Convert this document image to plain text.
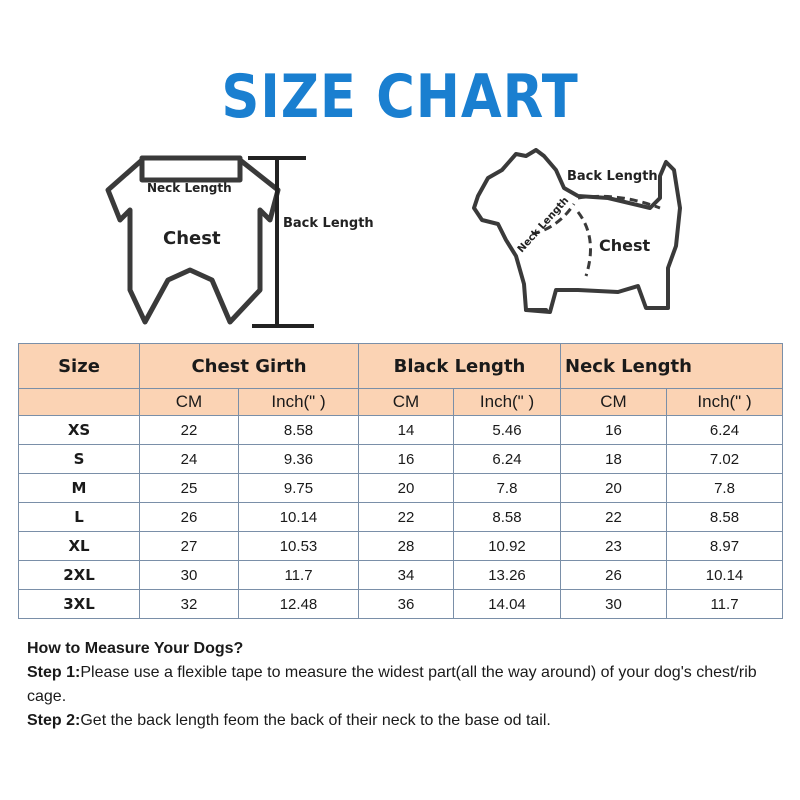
SIZE CHART
Neck Length
Chest
Back Length
Back Length
Neck Length Chest
Size	Chest Girth		Black Length		Neck Length	
	CM	Inch(" )	CM	Inch(" )	CM	Inch(" )
XS	22	8.58	14	5.46	16	6.24
S	24	9.36	16	6.24	18	7.02
M	25	9.75	20	7.8	20	7.8
L	26	10.14	22	8.58	22	8.58
XL	27	10.53	28	10.92	23	8.97
2XL	30	11.7	34	13.26	26	10.14
3XL	32	12.48	36	14.04	30	11.7
How to Measure Your Dogs?
Step 1:Please use a flexible tape to measure the widest part(all the way around) of your dog's chest/rib cage.
Step 2:Get the back length feom the back of their neck to the base od tail.
